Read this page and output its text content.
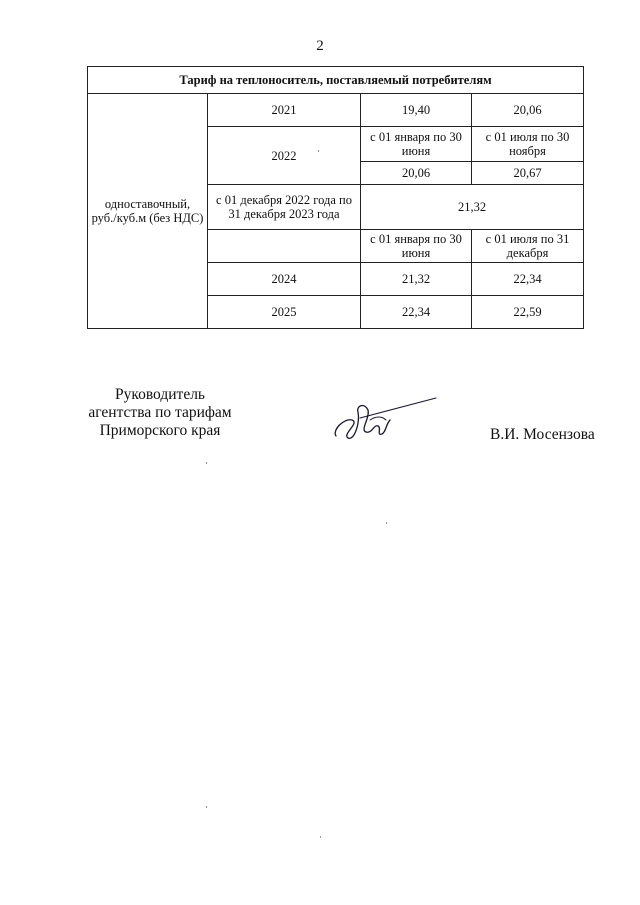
2
Тариф на теплоноситель, поставляемый потребителям			
одноставочный, руб./куб.м (без НДС)	2021	19,40	20,06
	2022	с 01 января по 30 июня	с 01 июля по 30 ноября
		20,06	20,67
	с 01 декабря 2022 года по 31 декабря 2023 года	21,32	
		с 01 января по 30 июня	с 01 июля по 31 декабря
	2024	21,32	22,34
	2025	22,34	22,59
Руководитель
агентства по тарифам
Приморского края	В.И. Мосензова
